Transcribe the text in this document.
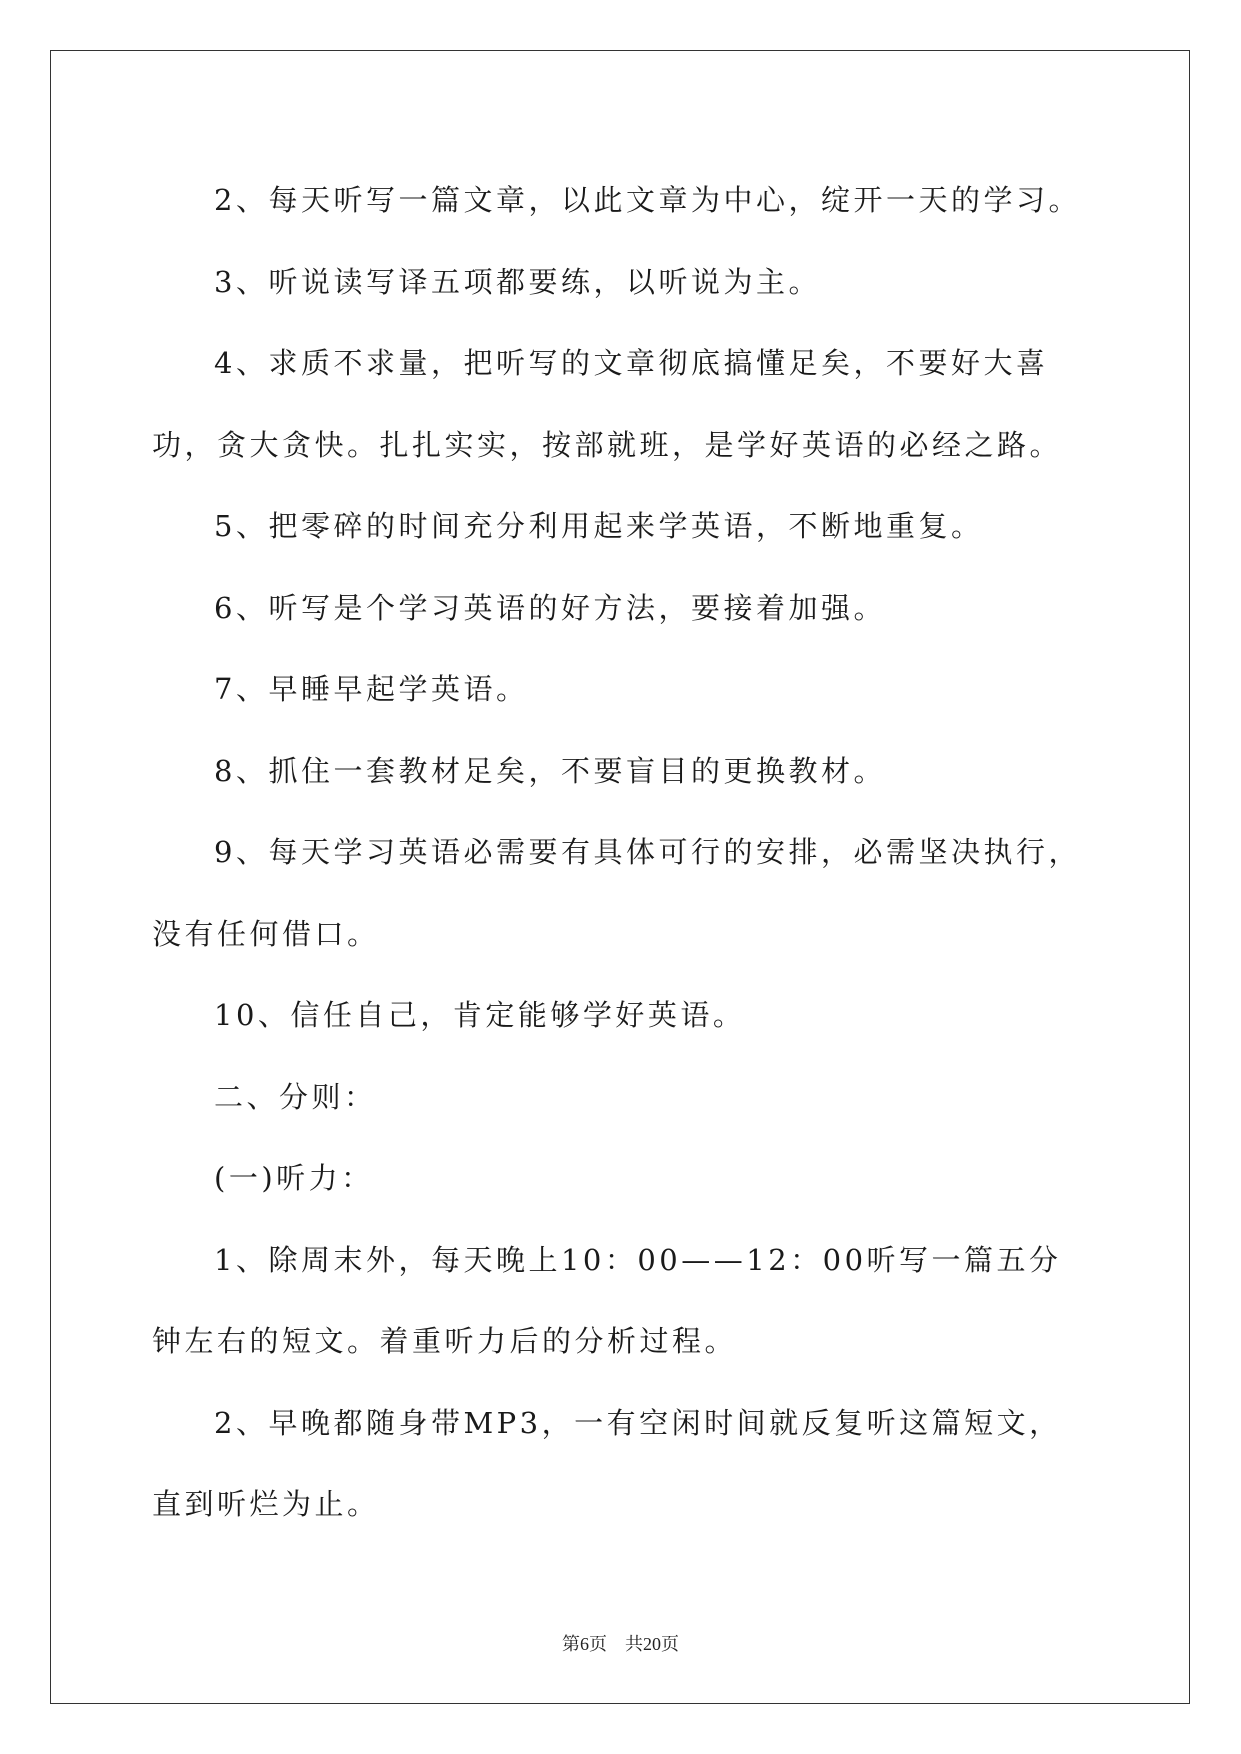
2、每天听写一篇文章，以此文章为中心，绽开一天的学习。

3、听说读写译五项都要练，以听说为主。

4、求质不求量，把听写的文章彻底搞懂足矣，不要好大喜功，贪大贪快。扎扎实实，按部就班，是学好英语的必经之路。

5、把零碎的时间充分利用起来学英语，不断地重复。

6、听写是个学习英语的好方法，要接着加强。

7、早睡早起学英语。

8、抓住一套教材足矣，不要盲目的更换教材。

9、每天学习英语必需要有具体可行的安排，必需坚决执行，没有任何借口。

10、信任自己，肯定能够学好英语。

二、分则：

(一)听力：

1、除周末外，每天晚上10：00——12：00听写一篇五分钟左右的短文。着重听力后的分析过程。

2、早晚都随身带MP3，一有空闲时间就反复听这篇短文，直到听烂为止。

第6页 共20页
